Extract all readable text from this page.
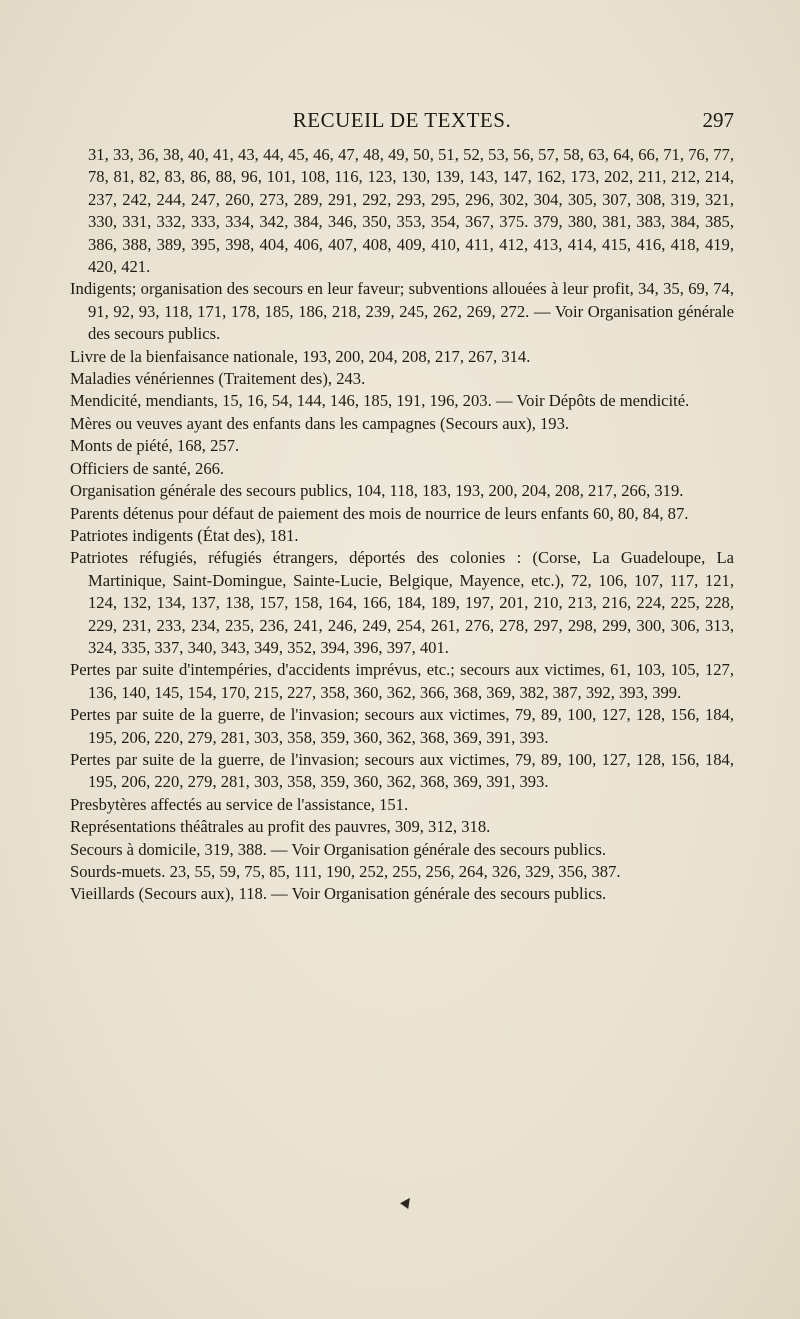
RECUEIL DE TEXTES.	297

31, 33, 36, 38, 40, 41, 43, 44, 45, 46, 47, 48, 49, 50, 51, 52, 53, 56, 57, 58, 63, 64, 66, 71, 76, 77, 78, 81, 82, 83, 86, 88, 96, 101, 108, 116, 123, 130, 139, 143, 147, 162, 173, 202, 211, 212, 214, 237, 242, 244, 247, 260, 273, 289, 291, 292, 293, 295, 296, 302, 304, 305, 307, 308, 319, 321, 330, 331, 332, 333, 334, 342, 384, 346, 350, 353, 354, 367, 375. 379, 380, 381, 383, 384, 385, 386, 388, 389, 395, 398, 404, 406, 407, 408, 409, 410, 411, 412, 413, 414, 415, 416, 418, 419, 420, 421.

Indigents; organisation des secours en leur faveur; subventions allouées à leur profit, 34, 35, 69, 74, 91, 92, 93, 118, 171, 178, 185, 186, 218, 239, 245, 262, 269, 272. — Voir Organisation générale des secours publics.

Livre de la bienfaisance nationale, 193, 200, 204, 208, 217, 267, 314.

Maladies vénériennes (Traitement des), 243.

Mendicité, mendiants, 15, 16, 54, 144, 146, 185, 191, 196, 203. — Voir Dépôts de mendicité.

Mères ou veuves ayant des enfants dans les campagnes (Secours aux), 193.

Monts de piété, 168, 257.

Officiers de santé, 266.

Organisation générale des secours publics, 104, 118, 183, 193, 200, 204, 208, 217, 266, 319.

Parents détenus pour défaut de paiement des mois de nourrice de leurs enfants 60, 80, 84, 87.

Patriotes indigents (État des), 181.

Patriotes réfugiés, réfugiés étrangers, déportés des colonies : (Corse, La Guadeloupe, La Martinique, Saint-Domingue, Sainte-Lucie, Belgique, Mayence, etc.), 72, 106, 107, 117, 121, 124, 132, 134, 137, 138, 157, 158, 164, 166, 184, 189, 197, 201, 210, 213, 216, 224, 225, 228, 229, 231, 233, 234, 235, 236, 241, 246, 249, 254, 261, 276, 278, 297, 298, 299, 300, 306, 313, 324, 335, 337, 340, 343, 349, 352, 394, 396, 397, 401.

Pertes par suite d'intempéries, d'accidents imprévus, etc.; secours aux victimes, 61, 103, 105, 127, 136, 140, 145, 154, 170, 215, 227, 358, 360, 362, 366, 368, 369, 382, 387, 392, 393, 399.

Pertes par suite de la guerre, de l'invasion; secours aux victimes, 79, 89, 100, 127, 128, 156, 184, 195, 206, 220, 279, 281, 303, 358, 359, 360, 362, 368, 369, 391, 393.

Pertes par suite de la guerre, de l'invasion; secours aux victimes, 79, 89, 100, 127, 128, 156, 184, 195, 206, 220, 279, 281, 303, 358, 359, 360, 362, 368, 369, 391, 393.

Presbytères affectés au service de l'assistance, 151.

Représentations théâtrales au profit des pauvres, 309, 312, 318.

Secours à domicile, 319, 388. — Voir Organisation générale des secours publics.

Sourds-muets. 23, 55, 59, 75, 85, 111, 190, 252, 255, 256, 264, 326, 329, 356, 387.

Vieillards (Secours aux), 118. — Voir Organisation générale des secours publics.
